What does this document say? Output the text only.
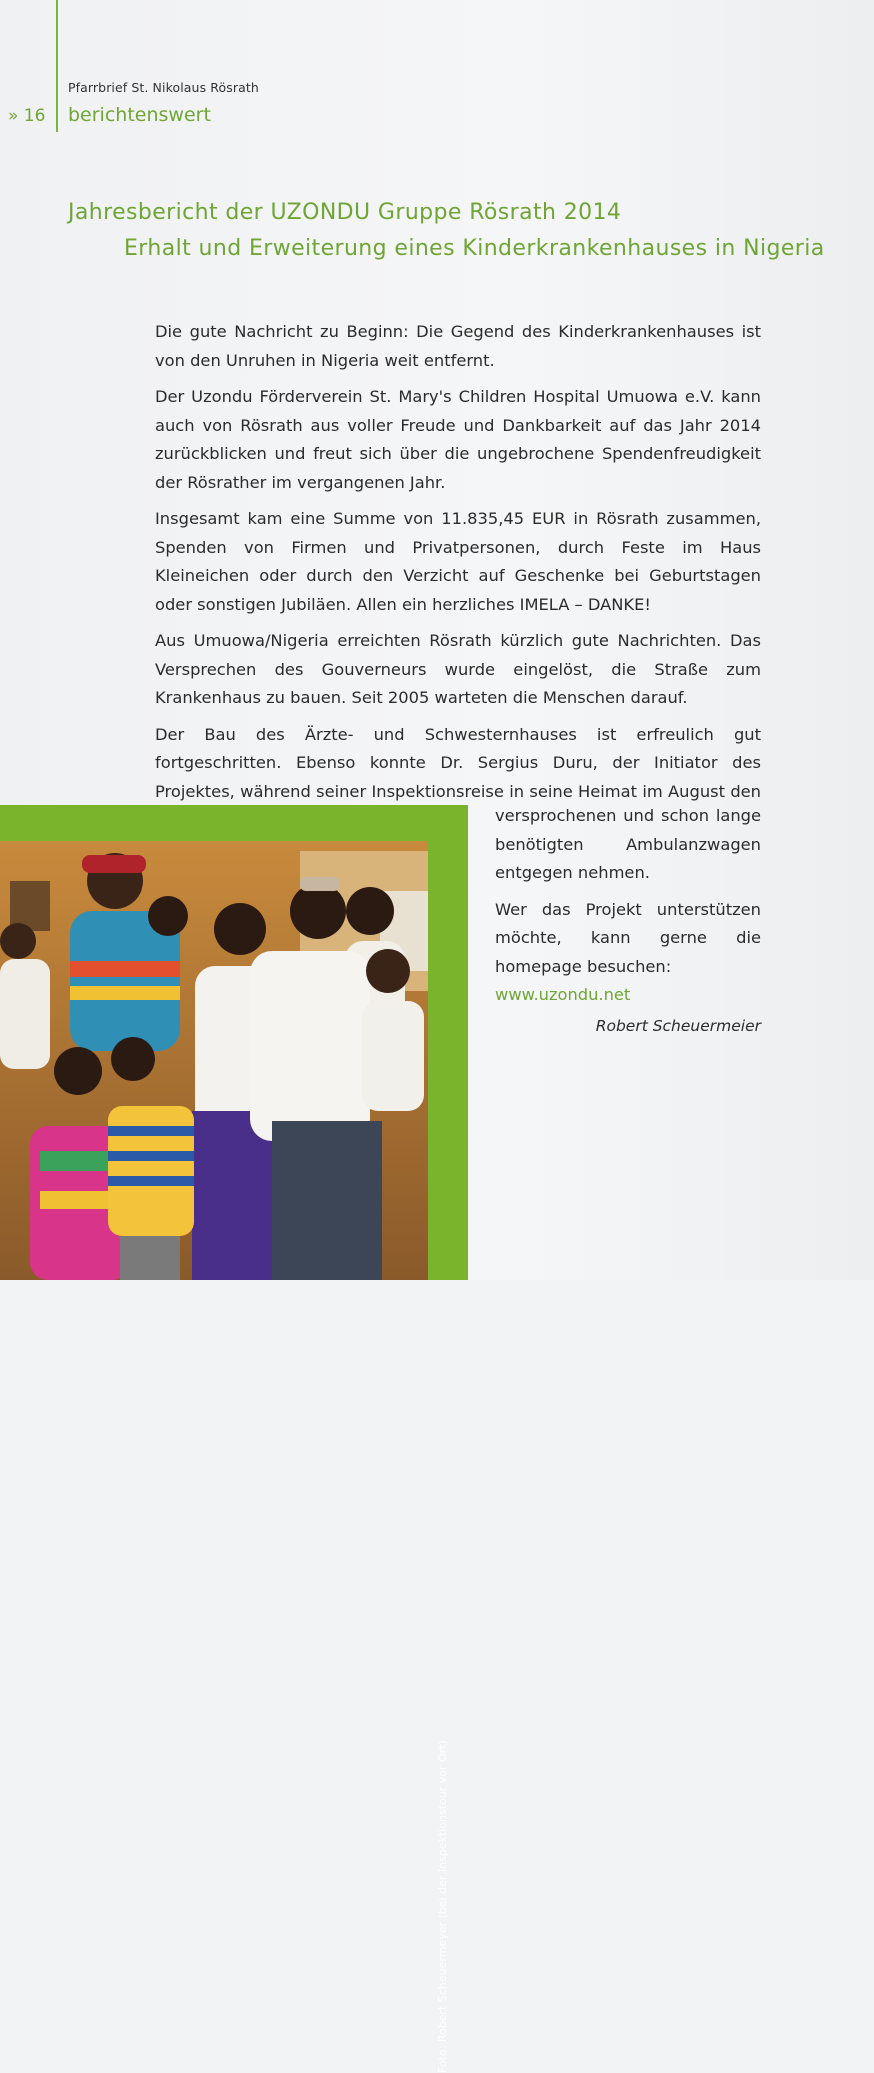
Pfarrbrief St. Nikolaus Rösrath
» 16 berichtenswert
Jahresbericht der UZONDU Gruppe Rösrath 2014
Erhalt und Erweiterung eines Kinderkrankenhauses in Nigeria

Die gute Nachricht zu Beginn: Die Gegend des Kinderkrankenhauses ist von den Unruhen in Nigeria weit entfernt.

Der Uzondu Förderverein St. Mary's Children Hospital Umuowa e.V. kann auch von Rösrath aus voller Freude und Dankbarkeit auf das Jahr 2014 zurückblicken und freut sich über die ungebrochene Spendenfreudigkeit der Rösrather im vergangenen Jahr.

Insgesamt kam eine Summe von 11.835,45 EUR in Rösrath zusammen, Spenden von Firmen und Privatpersonen, durch Feste im Haus Kleineichen oder durch den Verzicht auf Geschenke bei Geburtstagen oder sonstigen Jubiläen. Allen ein herzliches IMELA – DANKE!

Aus Umuowa/Nigeria erreichten Rösrath kürzlich gute Nachrichten. Das Versprechen des Gouverneurs wurde eingelöst, die Straße zum Krankenhaus zu bauen. Seit 2005 warteten die Menschen darauf.

Der Bau des Ärzte- und Schwesternhauses ist erfreulich gut fortgeschritten. Ebenso konnte Dr. Sergius Duru, der Initiator des Projektes, während seiner Inspektionsreise in seine Heimat im August den

versprochenen und schon lange benötigten Ambulanzwagen entgegen nehmen.

Wer das Projekt unterstützen möchte, kann gerne die homepage besuchen:

www.uzondu.net
Robert Scheuermeier
Foto: Robert Scheuermeyer (bei der Inspektionstour vor Ort)
